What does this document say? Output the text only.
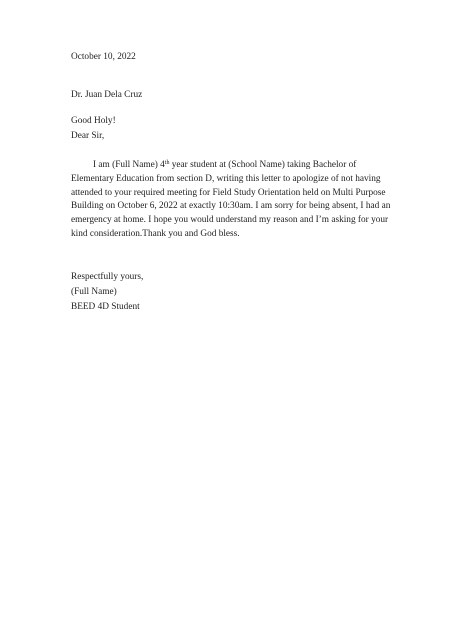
October 10, 2022
Dr. Juan Dela Cruz
Good Holy!
Dear Sir,
I am (Full Name) 4th year student at (School Name) taking Bachelor of
Elementary Education from section D, writing this letter to apologize of not having
attended to your required meeting for Field Study Orientation held on Multi Purpose
Building on October 6, 2022 at exactly 10:30am. I am sorry for being absent, I had an
emergency at home. I hope you would understand my reason and I’m asking for your
kind consideration.Thank you and God bless.
Respectfully yours,
(Full Name)
BEED 4D Student
